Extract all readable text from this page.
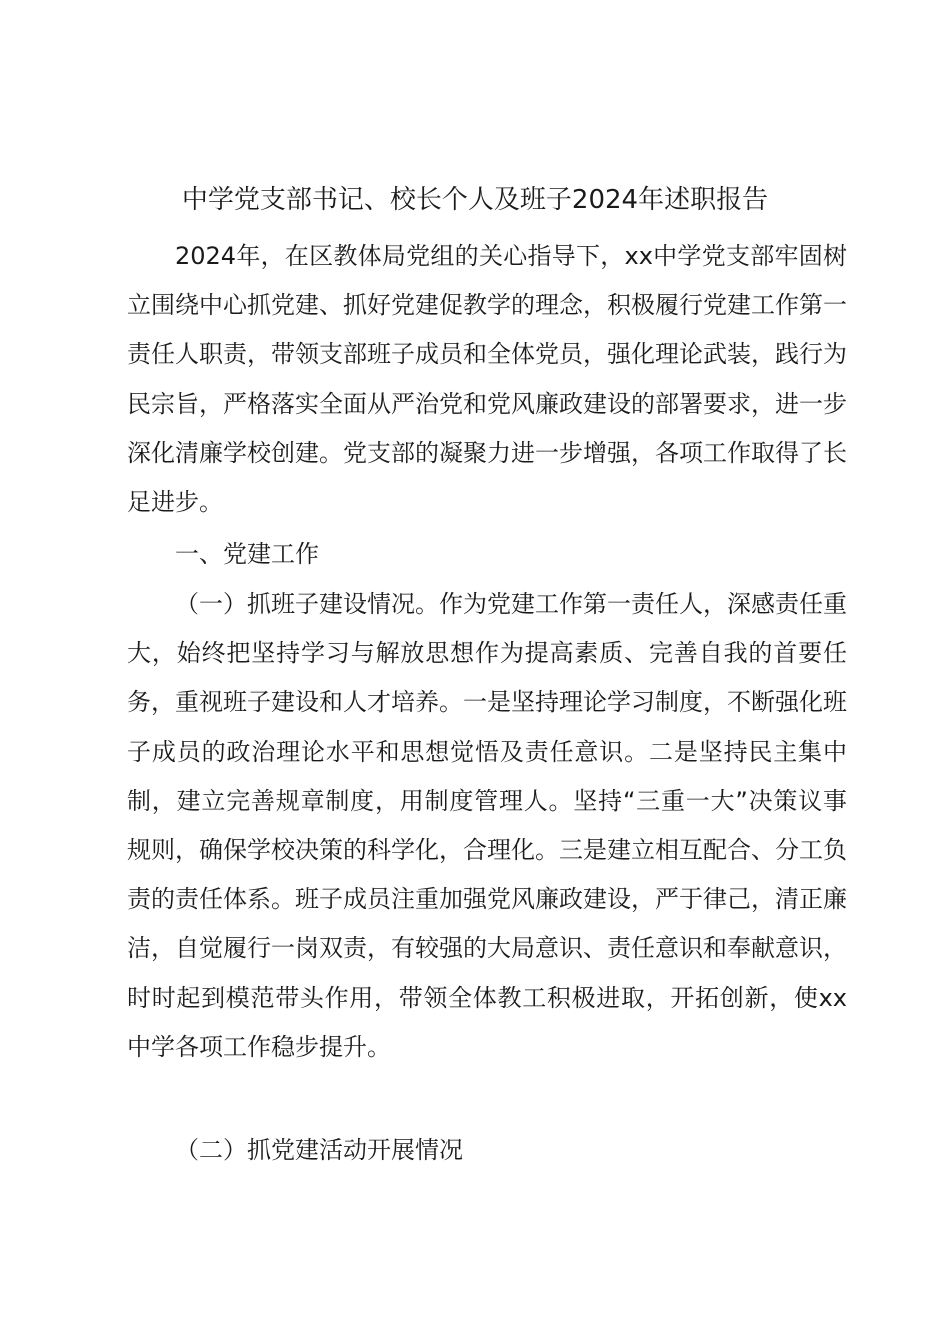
中学党支部书记、校长个人及班子2024年述职报告

2024年，在区教体局党组的关心指导下，xx中学党支部牢固树立围绕中心抓党建、抓好党建促教学的理念，积极履行党建工作第一责任人职责，带领支部班子成员和全体党员，强化理论武装，践行为民宗旨，严格落实全面从严治党和党风廉政建设的部署要求，进一步深化清廉学校创建。党支部的凝聚力进一步增强，各项工作取得了长足进步。

一、党建工作

（一）抓班子建设情况。作为党建工作第一责任人，深感责任重大，始终把坚持学习与解放思想作为提高素质、完善自我的首要任务，重视班子建设和人才培养。一是坚持理论学习制度，不断强化班子成员的政治理论水平和思想觉悟及责任意识。二是坚持民主集中制，建立完善规章制度，用制度管理人。坚持“三重一大”决策议事规则，确保学校决策的科学化，合理化。三是建立相互配合、分工负责的责任体系。班子成员注重加强党风廉政建设，严于律己，清正廉洁，自觉履行一岗双责，有较强的大局意识、责任意识和奉献意识，时时起到模范带头作用，带领全体教工积极进取，开拓创新，使xx中学各项工作稳步提升。

（二）抓党建活动开展情况
